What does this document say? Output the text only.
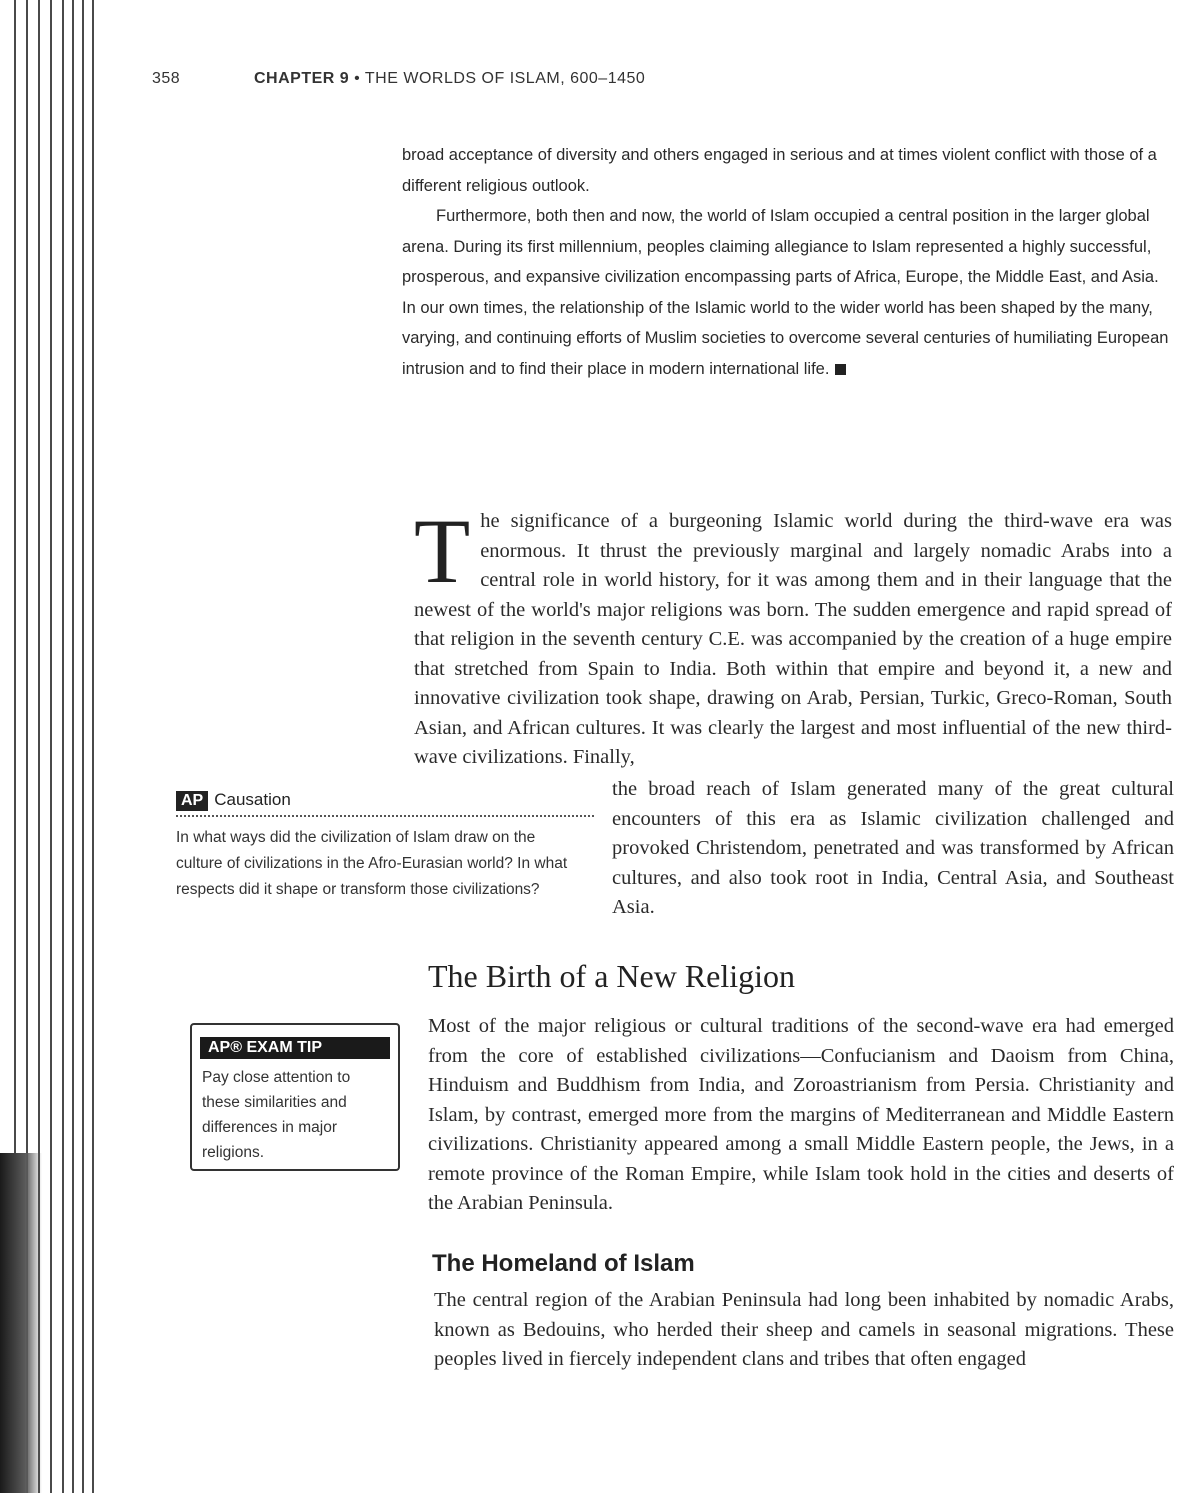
358	CHAPTER 9 • THE WORLDS OF ISLAM, 600–1450

broad acceptance of diversity and others engaged in serious and at times violent conflict with those of a different religious outlook.

Furthermore, both then and now, the world of Islam occupied a central position in the larger global arena. During its first millennium, peoples claiming allegiance to Islam represented a highly successful, prosperous, and expansive civilization encompassing parts of Africa, Europe, the Middle East, and Asia. In our own times, the relationship of the Islamic world to the wider world has been shaped by the many, varying, and continuing efforts of Muslim societies to overcome several centuries of humiliating European intrusion and to find their place in modern international life.

The significance of a burgeoning Islamic world during the third-wave era was enormous. It thrust the previously marginal and largely nomadic Arabs into a central role in world history, for it was among them and in their language that the newest of the world's major religions was born. The sudden emergence and rapid spread of that religion in the seventh century C.E. was accompanied by the creation of a huge empire that stretched from Spain to India. Both within that empire and beyond it, a new and innovative civilization took shape, drawing on Arab, Persian, Turkic, Greco-Roman, South Asian, and African cultures. It was clearly the largest and most influential of the new third-wave civilizations. Finally,

the broad reach of Islam generated many of the great cultural encounters of this era as Islamic civilization challenged and provoked Christendom, penetrated and was transformed by African cultures, and also took root in India, Central Asia, and Southeast Asia.

AP Causation
In what ways did the civilization of Islam draw on the culture of civilizations in the Afro-Eurasian world? In what respects did it shape or transform those civilizations?
The Birth of a New Religion
AP® EXAM TIP
Pay close attention to these similarities and differences in major religions.

Most of the major religious or cultural traditions of the second-wave era had emerged from the core of established civilizations—Confucianism and Daoism from China, Hinduism and Buddhism from India, and Zoroastrianism from Persia. Christianity and Islam, by contrast, emerged more from the margins of Mediterranean and Middle Eastern civilizations. Christianity appeared among a small Middle Eastern people, the Jews, in a remote province of the Roman Empire, while Islam took hold in the cities and deserts of the Arabian Peninsula.

The Homeland of Islam

The central region of the Arabian Peninsula had long been inhabited by nomadic Arabs, known as Bedouins, who herded their sheep and camels in seasonal migrations. These peoples lived in fiercely independent clans and tribes that often engaged
